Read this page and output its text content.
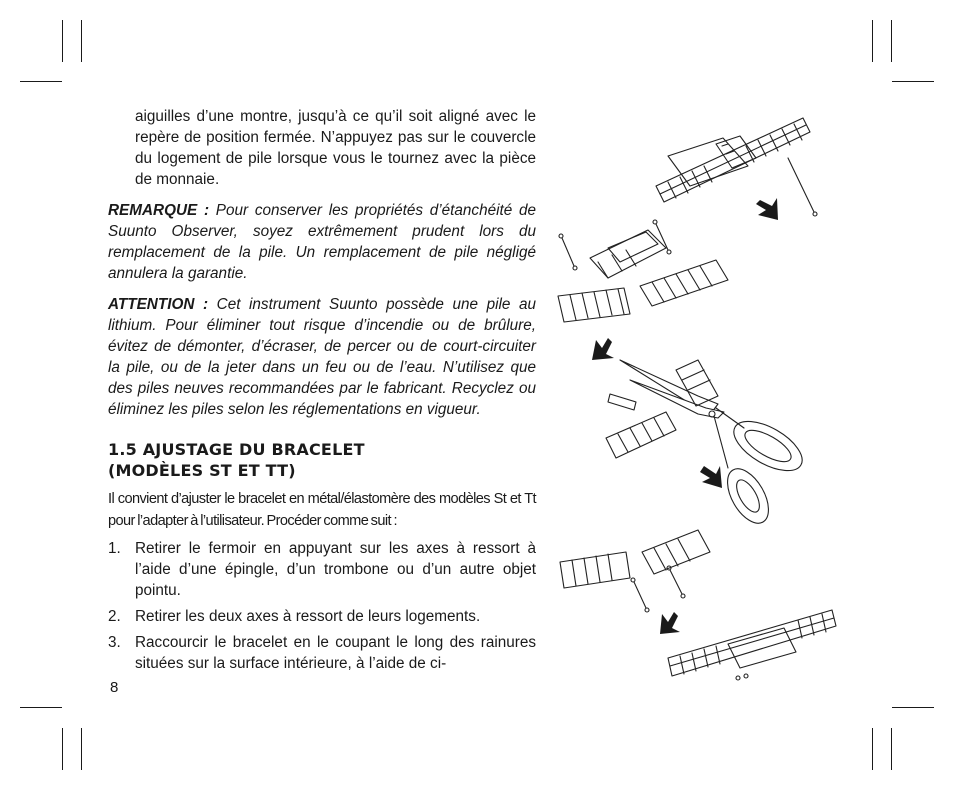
aiguilles d’une montre, jusqu’à ce qu’il soit aligné avec le repère de position fermée. N’appuyez pas sur le couvercle du logement de pile lorsque vous le tournez avec la pièce de monnaie.

REMARQUE : Pour conserver les propriétés d’étanchéité de Suunto Observer, soyez extrêmement prudent lors du remplacement de la pile. Un remplacement de pile négligé annulera la garantie.

ATTENTION : Cet instrument Suunto possède une pile au lithium. Pour éliminer tout risque d’incendie ou de brûlure, évitez de démonter, d’écraser, de percer ou de court-circuiter la pile, ou de la jeter dans un feu ou de l’eau. N’utilisez que des piles neuves recommandées par le fabricant. Recyclez ou éliminez les piles selon les réglementations en vigueur.

1.5 AJUSTAGE DU BRACELET
(MODÈLES ST ET TT)

Il convient d’ajuster le bracelet en métal/élastomère des modèles St et Tt pour l’adapter à l’utilisateur. Procéder comme suit :

1. Retirer le fermoir en appuyant sur les axes à ressort à l’aide d’une épingle, d’un trombone ou d’un autre objet pointu.
2. Retirer les deux axes à ressort de leurs logements.
3. Raccourcir le bracelet en le coupant le long des rainures situées sur la surface intérieure, à l’aide de ci-
8
